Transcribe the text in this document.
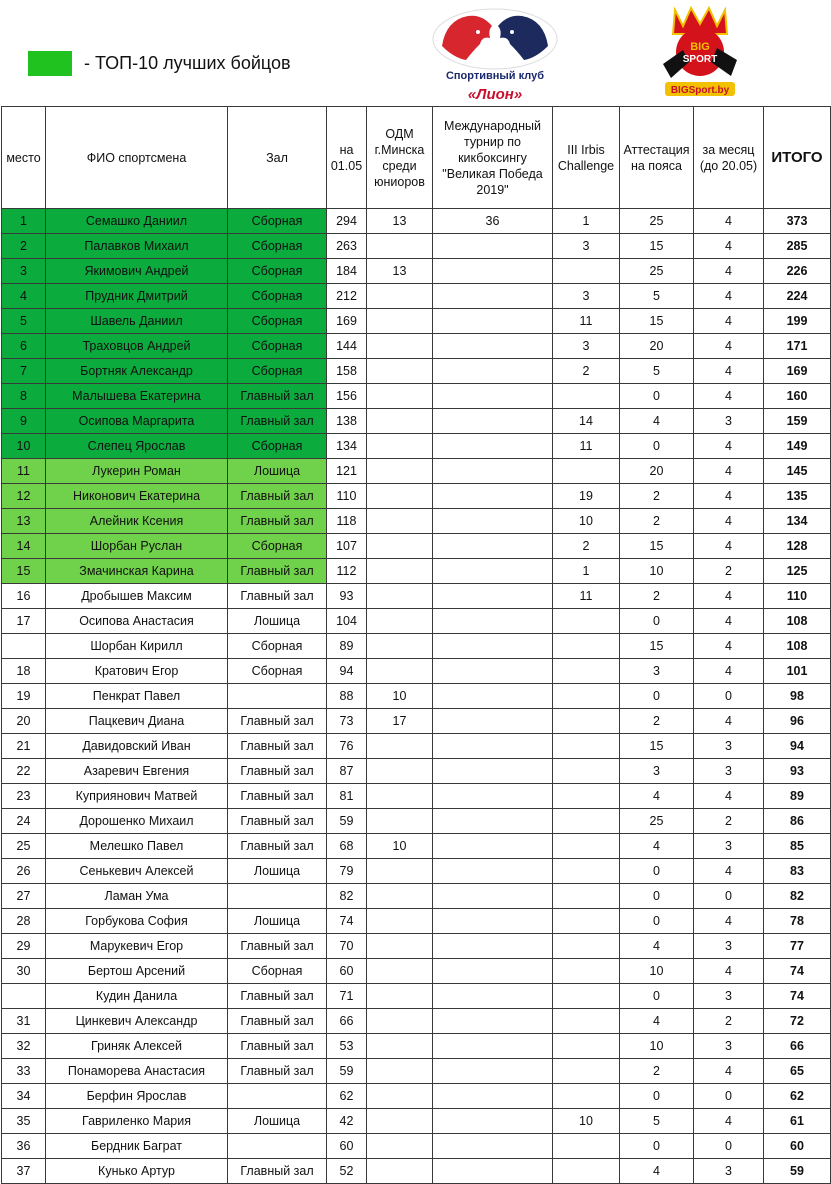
- ТОП-10 лучших бойцов
Спортивный клуб
«Лион»
BIG
SPORT
BIGSport.by
место	ФИО спортсмена	Зал	на 01.05	ОДМ г.Минска среди юниоров	Международный турнир по кикбоксингу "Великая Победа 2019"	III Irbis Challenge	Аттестация на пояса	за месяц (до 20.05)	ИТОГО
1	Семашко Даниил	Сборная	294	13	36	1	25	4	373
2	Палавков Михаил	Сборная	263			3	15	4	285
3	Якимович Андрей	Сборная	184	13			25	4	226
4	Прудник Дмитрий	Сборная	212			3	5	4	224
5	Шавель Даниил	Сборная	169			11	15	4	199
6	Траховцов Андрей	Сборная	144			3	20	4	171
7	Бортняк Александр	Сборная	158			2	5	4	169
8	Малышева Екатерина	Главный зал	156				0	4	160
9	Осипова Маргарита	Главный зал	138			14	4	3	159
10	Слепец Ярослав	Сборная	134			11	0	4	149
11	Лукерин Роман	Лошица	121				20	4	145
12	Никонович Екатерина	Главный зал	110			19	2	4	135
13	Алейник Ксения	Главный зал	118			10	2	4	134
14	Шорбан Руслан	Сборная	107			2	15	4	128
15	Змачинская Карина	Главный зал	112			1	10	2	125
16	Дробышев Максим	Главный зал	93			11	2	4	110
17	Осипова Анастасия	Лошица	104				0	4	108
	Шорбан Кирилл	Сборная	89				15	4	108
18	Кратович Егор	Сборная	94				3	4	101
19	Пенкрат Павел		88	10			0	0	98
20	Пацкевич Диана	Главный зал	73	17			2	4	96
21	Давидовский Иван	Главный зал	76				15	3	94
22	Азаревич Евгения	Главный зал	87				3	3	93
23	Куприянович Матвей	Главный зал	81				4	4	89
24	Дорошенко Михаил	Главный зал	59				25	2	86
25	Мелешко Павел	Главный зал	68	10			4	3	85
26	Сенькевич Алексей	Лошица	79				0	4	83
27	Ламан Ума		82				0	0	82
28	Горбукова София	Лошица	74				0	4	78
29	Марукевич Егор	Главный зал	70				4	3	77
30	Бертош Арсений	Сборная	60				10	4	74
	Кудин Данила	Главный зал	71				0	3	74
31	Цинкевич Александр	Главный зал	66				4	2	72
32	Гриняк Алексей	Главный зал	53				10	3	66
33	Понаморева Анастасия	Главный зал	59				2	4	65
34	Берфин Ярослав		62				0	0	62
35	Гавриленко Мария	Лошица	42			10	5	4	61
36	Бердник Баграт		60				0	0	60
37	Кунько Артур	Главный зал	52				4	3	59
